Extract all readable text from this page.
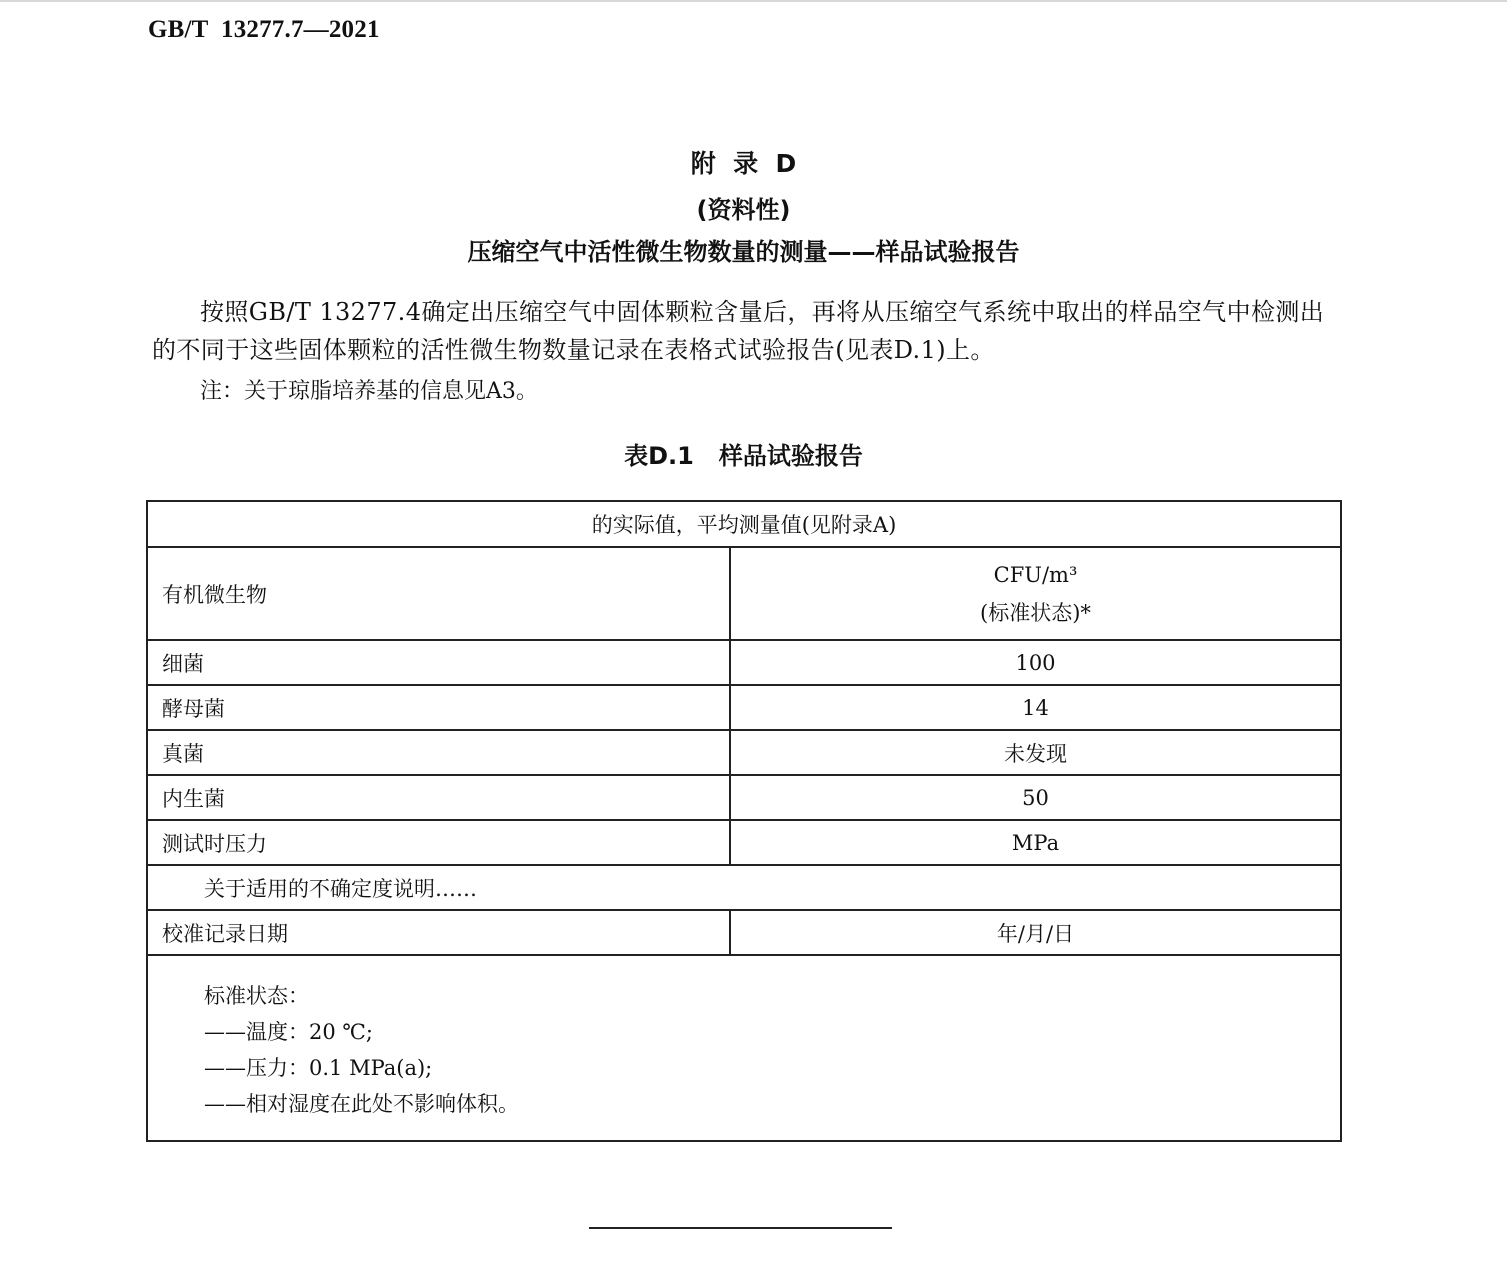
GB/T  13277.7—2021
附  录  D
(资料性)
压缩空气中活性微生物数量的测量——样品试验报告
按照GB/T 13277.4确定出压缩空气中固体颗粒含量后，再将从压缩空气系统中取出的样品空气中检测出的不同于这些固体颗粒的活性微生物数量记录在表格式试验报告(见表D.1)上。
注：关于琼脂培养基的信息见A3。
表D.1   样品试验报告
的实际值，平均测量值(见附录A)	
有机微生物	CFU/m³
(标准状态)*

细菌	100
酵母菌	14
真菌	未发现
内生菌	50
测试时压力	MPa
关于适用的不确定度说明……	
校准记录日期	年/月/日

标准状态：
——温度：20 ℃;
——压力：0.1 MPa(a);
——相对湿度在此处不影响体积。	
